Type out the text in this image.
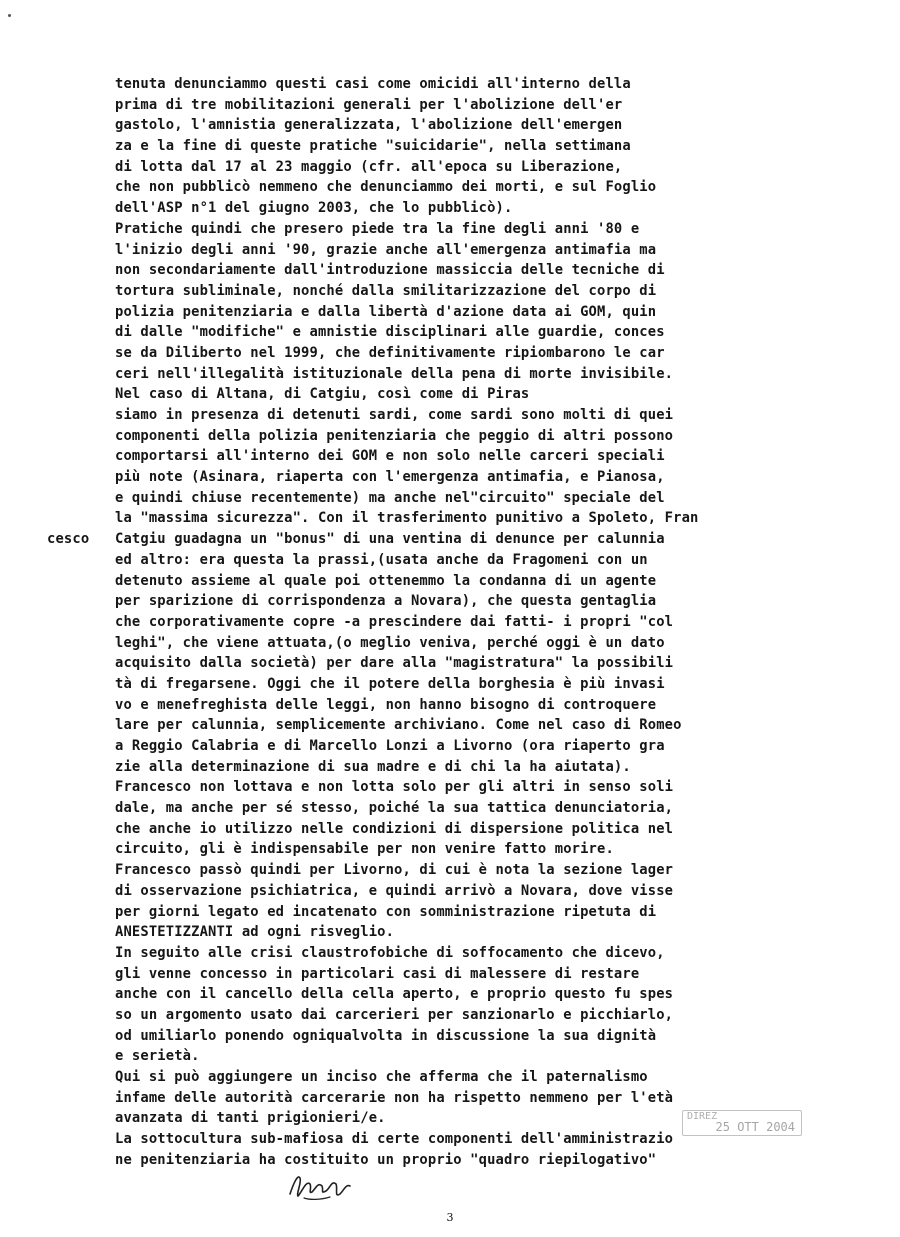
tenuta denunciammo questi casi come omicidi all'interno della
prima di tre mobilitazioni generali per l'abolizione dell'er
gastolo, l'amnistia generalizzata, l'abolizione dell'emergen
za e la fine di queste pratiche "suicidarie", nella settimana
di lotta dal 17 al 23 maggio (cfr. all'epoca su Liberazione,
che non pubblicò nemmeno che denunciammo dei morti, e sul Foglio
dell'ASP n°1 del giugno 2003, che lo pubblicò).
Pratiche quindi che presero piede tra la fine degli anni '80 e
l'inizio degli anni '90, grazie anche all'emergenza antimafia ma
non secondariamente dall'introduzione massiccia delle tecniche di
tortura subliminale, nonché dalla smilitarizzazione del corpo di
polizia penitenziaria e dalla libertà d'azione data ai GOM, quin
di dalle "modifiche" e amnistie disciplinari alle guardie, conces
se da Diliberto nel 1999, che definitivamente ripiombarono le car
ceri nell'illegalità istituzionale della pena di morte invisibile.
Nel caso di Altana, di Catgiu, così come di Piras
siamo in presenza di detenuti sardi, come sardi sono molti di quei
componenti della polizia penitenziaria che peggio di altri possono
comportarsi all'interno dei GOM e non solo nelle carceri speciali
più note (Asinara, riaperta con l'emergenza antimafia, e Pianosa,
e quindi chiuse recentemente) ma anche nel"circuito" speciale del
la "massima sicurezza". Con il trasferimento punitivo a Spoleto, Fran
Catgiu guadagna un "bonus" di una ventina di denunce per calunnia
cesco
ed altro: era questa la prassi,(usata anche da Fragomeni con un
detenuto assieme al quale poi ottenemmo la condanna di un agente
per sparizione di corrispondenza a Novara), che questa gentaglia
che corporativamente copre -a prescindere dai fatti- i propri "col
leghi", che viene attuata,(o meglio veniva, perché oggi è un dato
acquisito dalla società) per dare alla "magistratura" la possibili
tà di fregarsene. Oggi che il potere della borghesia è più invasi
vo e menefreghista delle leggi, non hanno bisogno di controquere
lare per calunnia, semplicemente archiviano. Come nel caso di Romeo
a Reggio Calabria e di Marcello Lonzi a Livorno (ora riaperto gra
zie alla determinazione di sua madre e di chi la ha aiutata).
Francesco non lottava e non lotta solo per gli altri in senso soli
dale, ma anche per sé stesso, poiché la sua tattica denunciatoria,
che anche io utilizzo nelle condizioni di dispersione politica nel
circuito, gli è indispensabile per non venire fatto morire.
Francesco passò quindi per Livorno, di cui è nota la sezione lager
di osservazione psichiatrica, e quindi arrivò a Novara, dove visse
per giorni legato ed incatenato con somministrazione ripetuta di
ANESTETIZZANTI ad ogni risveglio.
In seguito alle crisi claustrofobiche di soffocamento che dicevo,
gli venne concesso in particolari casi di malessere di restare
anche con il cancello della cella aperto, e proprio questo fu spes
so un argomento usato dai carcerieri per sanzionarlo e picchiarlo,
od umiliarlo ponendo ogniqualvolta in discussione la sua dignità
e serietà.
Qui si può aggiungere un inciso che afferma che il paternalismo
infame delle autorità carcerarie non ha rispetto nemmeno per l'età
avanzata di tanti prigionieri/e.
La sottocultura sub-mafiosa di certe componenti dell'amministrazio
ne penitenziaria ha costituito un proprio "quadro riepilogativo"
DIREZ
25 OTT 2004
3
